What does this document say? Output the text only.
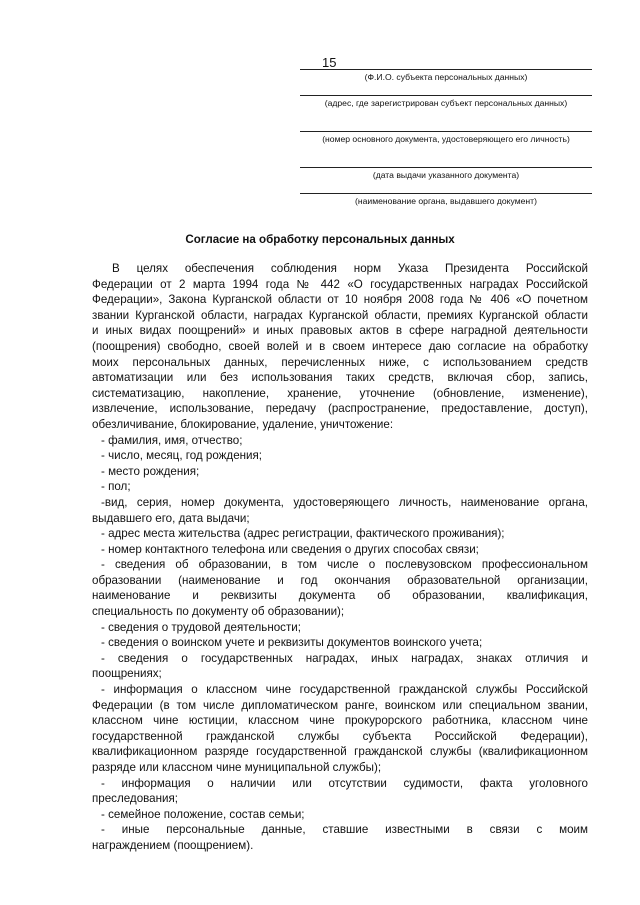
15
(Ф.И.О. субъекта персональных данных)
(адрес, где зарегистрирован субъект персональных данных)
(номер основного документа, удостоверяющего его личность)
(дата выдачи указанного документа)
(наименование органа, выдавшего документ)
Согласие на обработку персональных данных

В целях обеспечения соблюдения норм Указа Президента Российской

Федерации от 2 марта 1994 года № 442 «О государственных наградах Российской

Федерации», Закона Курганской области от 10 ноября 2008 года № 406 «О почетном

звании Курганской области, наградах Курганской области, премиях Курганской области

и иных видах поощрений» и иных правовых актов в сфере наградной деятельности

(поощрения) свободно, своей волей и в своем интересе даю согласие на обработку

моих персональных данных, перечисленных ниже, с использованием средств

автоматизации или без использования таких средств, включая сбор, запись,

систематизацию, накопление, хранение, уточнение (обновление, изменение),

извлечение, использование, передачу (распространение, предоставление, доступ),

обезличивание, блокирование, удаление, уничтожение:

- фамилия, имя, отчество;

- число, месяц, год рождения;

- место рождения;

- пол;

-вид, серия, номер документа, удостоверяющего личность, наименование органа,

выдавшего его, дата выдачи;

- адрес места жительства (адрес регистрации, фактического проживания);

- номер контактного телефона или сведения о других способах связи;

- сведения об образовании, в том числе о послевузовском профессиональном

образовании (наименование и год окончания образовательной организации,

наименование и реквизиты документа об образовании, квалификация,

специальность по документу об образовании);

- сведения о трудовой деятельности;

- сведения о воинском учете и реквизиты документов воинского учета;

- сведения о государственных наградах, иных наградах, знаках отличия и

поощрениях;

- информация о классном чине государственной гражданской службы Российской

Федерации (в том числе дипломатическом ранге, воинском или специальном звании,

классном чине юстиции, классном чине прокурорского работника, классном чине

государственной гражданской службы субъекта Российской Федерации),

квалификационном разряде государственной гражданской службы (квалификационном

разряде или классном чине муниципальной службы);

- информация о наличии или отсутствии судимости, факта уголовного

преследования;

- семейное положение, состав семьи;

- иные персональные данные, ставшие известными в связи с моим

награждением (поощрением).
